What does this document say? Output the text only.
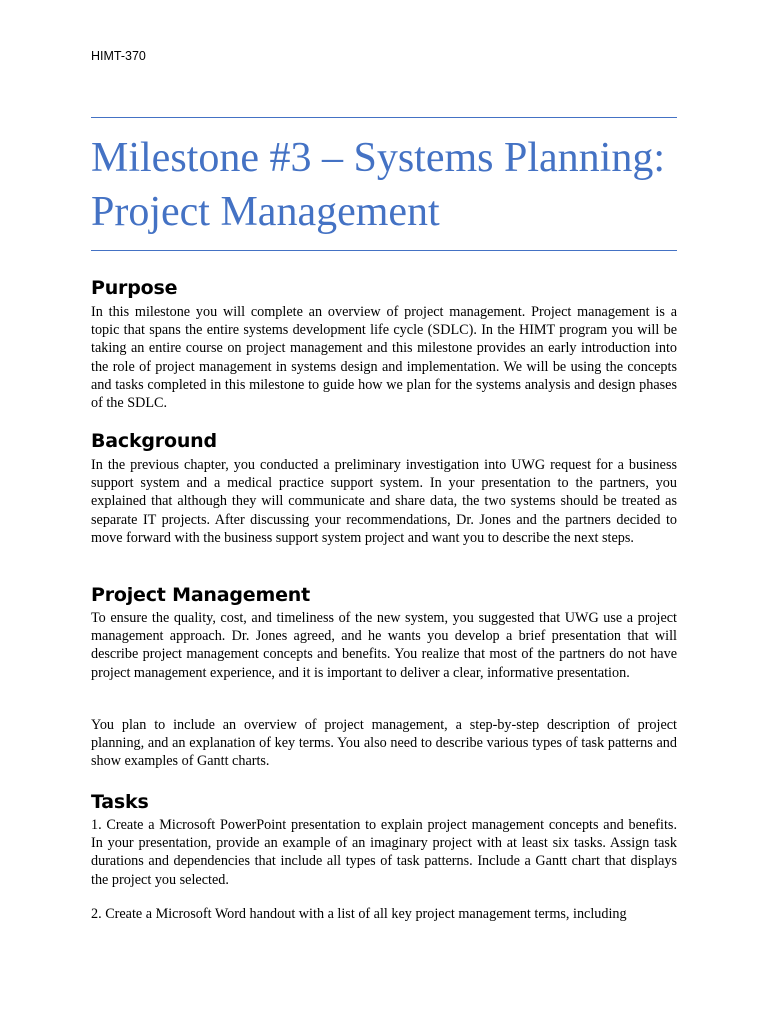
HIMT-370
Milestone #3 – Systems Planning: Project Management
Purpose

In this milestone you will complete an overview of project management. Project management is a topic that spans the entire systems development life cycle (SDLC). In the HIMT program you will be taking an entire course on project management and this milestone provides an early introduction into the role of project management in systems design and implementation. We will be using the concepts and tasks completed in this milestone to guide how we plan for the systems analysis and design phases of the SDLC.

Background

In the previous chapter, you conducted a preliminary investigation into UWG request for a business support system and a medical practice support system. In your presentation to the partners, you explained that although they will communicate and share data, the two systems should be treated as separate IT projects. After discussing your recommendations, Dr. Jones and the partners decided to move forward with the business support system project and want you to describe the next steps.

Project Management

To ensure the quality, cost, and timeliness of the new system, you suggested that UWG use a project management approach. Dr. Jones agreed, and he wants you develop a brief presentation that will describe project management concepts and benefits. You realize that most of the partners do not have project management experience, and it is important to deliver a clear, informative presentation.

You plan to include an overview of project management, a step-by-step description of project planning, and an explanation of key terms. You also need to describe various types of task patterns and show examples of Gantt charts.

Tasks

1. Create a Microsoft PowerPoint presentation to explain project management concepts and benefits. In your presentation, provide an example of an imaginary project with at least six tasks. Assign task durations and dependencies that include all types of task patterns. Include a Gantt chart that displays the project you selected.

2. Create a Microsoft Word handout with a list of all key project management terms, including
